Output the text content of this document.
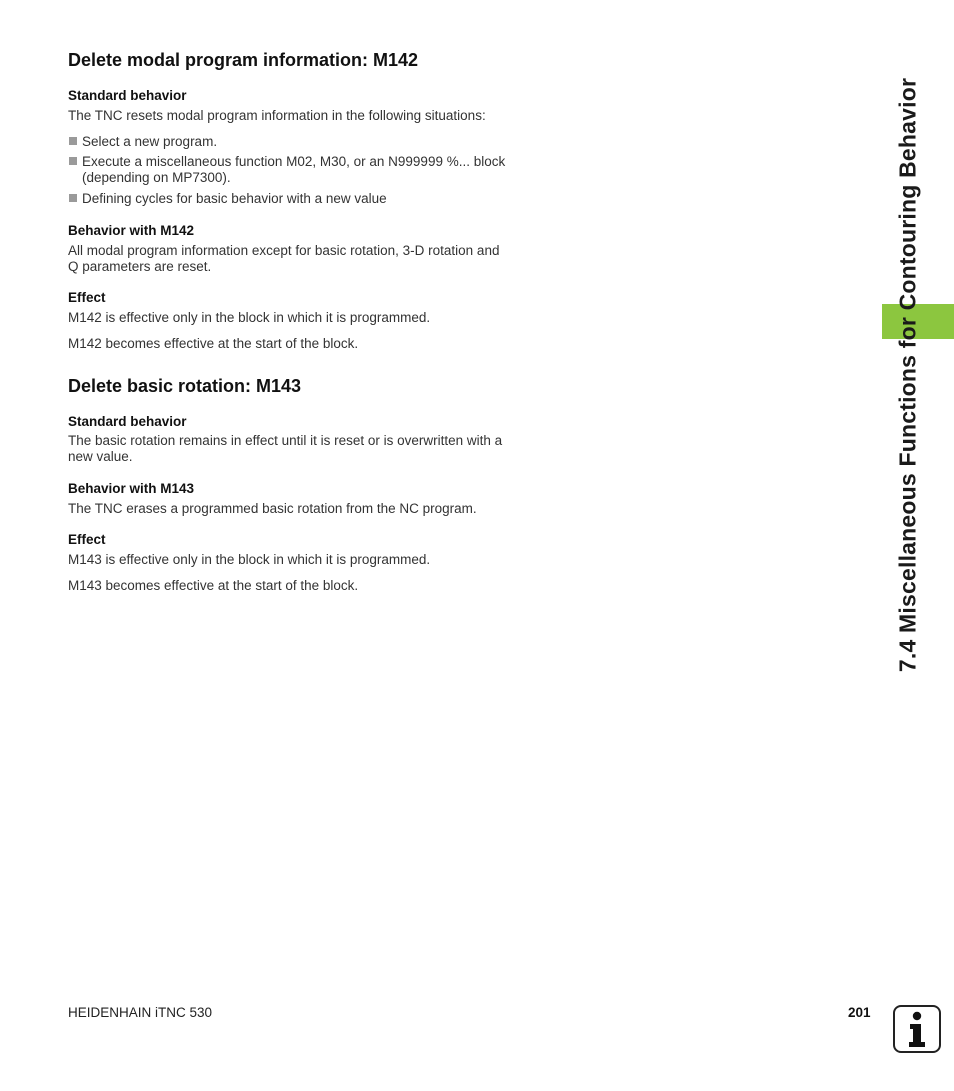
Delete modal program information: M142
Standard behavior
The TNC resets modal program information in the following situations:
Select a new program.
Execute a miscellaneous function M02, M30, or an N999999 %... block (depending on MP7300).
Defining cycles for basic behavior with a new value
Behavior with M142
All modal program information except for basic rotation, 3-D rotation and Q parameters are reset.
Effect
M142 is effective only in the block in which it is programmed.
M142 becomes effective at the start of the block.
Delete basic rotation: M143
Standard behavior
The basic rotation remains in effect until it is reset or is overwritten with a new value.
Behavior with M143
The TNC erases a programmed basic rotation from the NC program.
Effect
M143 is effective only in the block in which it is programmed.
M143 becomes effective at the start of the block.	7.4 Miscellaneous Functions for Contouring Behavior
HEIDENHAIN iTNC 530	201
